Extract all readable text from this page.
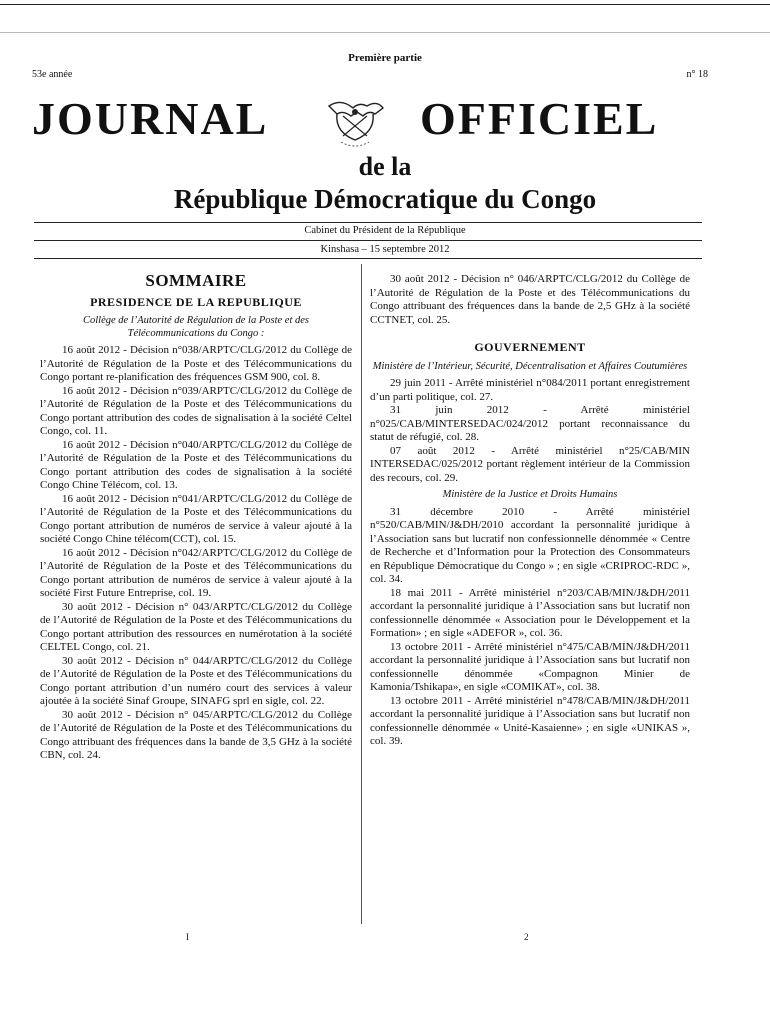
Première partie
53e année	n° 18
JOURNAL	OFFICIEL
de la
République Démocratique du Congo
Cabinet du Président de la République
Kinshasa – 15 septembre 2012
SOMMAIRE
PRESIDENCE DE LA REPUBLIQUE
Collège de l’Autorité de Régulation de la Poste et des Télécommunications du Congo :

16 août 2012 - Décision n°038/ARPTC/CLG/2012 du Collège de l’Autorité de Régulation de la Poste et des Télécommunications du Congo portant re-planification des fréquences GSM 900, col. 8.

16 août 2012 - Décision n°039/ARPTC/CLG/2012 du Collège de l’Autorité de Régulation de la Poste et des Télécommunications du Congo portant attribution des codes de signalisation à la société Celtel Congo, col. 11.

16 août 2012 - Décision n°040/ARPTC/CLG/2012 du Collège de l’Autorité de Régulation de la Poste et des Télécommunications du Congo portant attribution des codes de signalisation à la société Congo Chine Télécom, col. 13.

16 août 2012 - Décision n°041/ARPTC/CLG/2012 du Collège de l’Autorité de Régulation de la Poste et des Télécommunications du Congo portant attribution de numéros de service à valeur ajouté à la société Congo Chine télécom(CCT), col. 15.

16 août 2012 - Décision n°042/ARPTC/CLG/2012 du Collège de l’Autorité de Régulation de la Poste et des Télécommunications du Congo portant attribution de numéros de service à valeur ajouté à la société First Future Entreprise, col. 19.

30 août 2012 - Décision n° 043/ARPTC/CLG/2012 du Collège de l’Autorité de Régulation de la Poste et des Télécommunications du Congo portant attribution des ressources en numérotation à la société CELTEL Congo, col. 21.

30 août 2012 - Décision n° 044/ARPTC/CLG/2012 du Collège de l’Autorité de Régulation de la Poste et des Télécommunications du Congo portant attribution d’un numéro court des services à valeur ajoutée à la société Sinaf Groupe, SINAFG sprl en sigle, col. 22.

30 août 2012 - Décision n° 045/ARPTC/CLG/2012 du Collège de l’Autorité de Régulation de la Poste et des Télécommunications du Congo attribuant des fréquences dans la bande de 3,5 GHz à la société CBN, col. 24.

30 août 2012 - Décision n° 046/ARPTC/CLG/2012 du Collège de l’Autorité de Régulation de la Poste et des Télécommunications du Congo attribuant des fréquences dans la bande de 2,5 GHz à la société CCTNET, col. 25.

GOUVERNEMENT
Ministère de l’Intérieur, Sécurité, Décentralisation et Affaires Coutumières

29 juin 2011 - Arrêté ministériel n°084/2011 portant enregistrement d’un parti politique, col. 27.

31 juin 2012 - Arrêté ministériel n°025/CAB/MINTERSEDAC/024/2012 portant reconnaissance du statut de réfugié, col. 28.

07 août 2012 - Arrêté ministériel n°25/CAB/MIN INTERSEDAC/025/2012 portant règlement intérieur de la Commission des recours, col. 29.

Ministère de la Justice et Droits Humains

31 décembre 2010 - Arrêté ministériel n°520/CAB/MIN/J&DH/2010 accordant la personnalité juridique à l’Association sans but lucratif non confessionnelle dénommée « Centre de Recherche et d’Information pour la Protection des Consommateurs en République Démocratique du Congo » ; en sigle «CRIPROC-RDC », col. 34.

18 mai 2011 - Arrêté ministériel n°203/CAB/MIN/J&DH/2011 accordant la personnalité juridique à l’Association sans but lucratif non confessionnelle dénommée « Association pour le Développement et la Formation» ; en sigle «ADEFOR », col. 36.

13 octobre 2011 - Arrêté ministériel n°475/CAB/MIN/J&DH/2011 accordant la personnalité juridique à l’Association sans but lucratif non confessionnelle dénommée «Compagnon Minier de Kamonia/Tshikapa», en sigle «COMIKAT», col. 38.

13 octobre 2011 - Arrêté ministériel n°478/CAB/MIN/J&DH/2011 accordant la personnalité juridique à l’Association sans but lucratif non confessionnelle dénommée « Unité-Kasaienne» ; en sigle «UNIKAS », col. 39.

I	2
